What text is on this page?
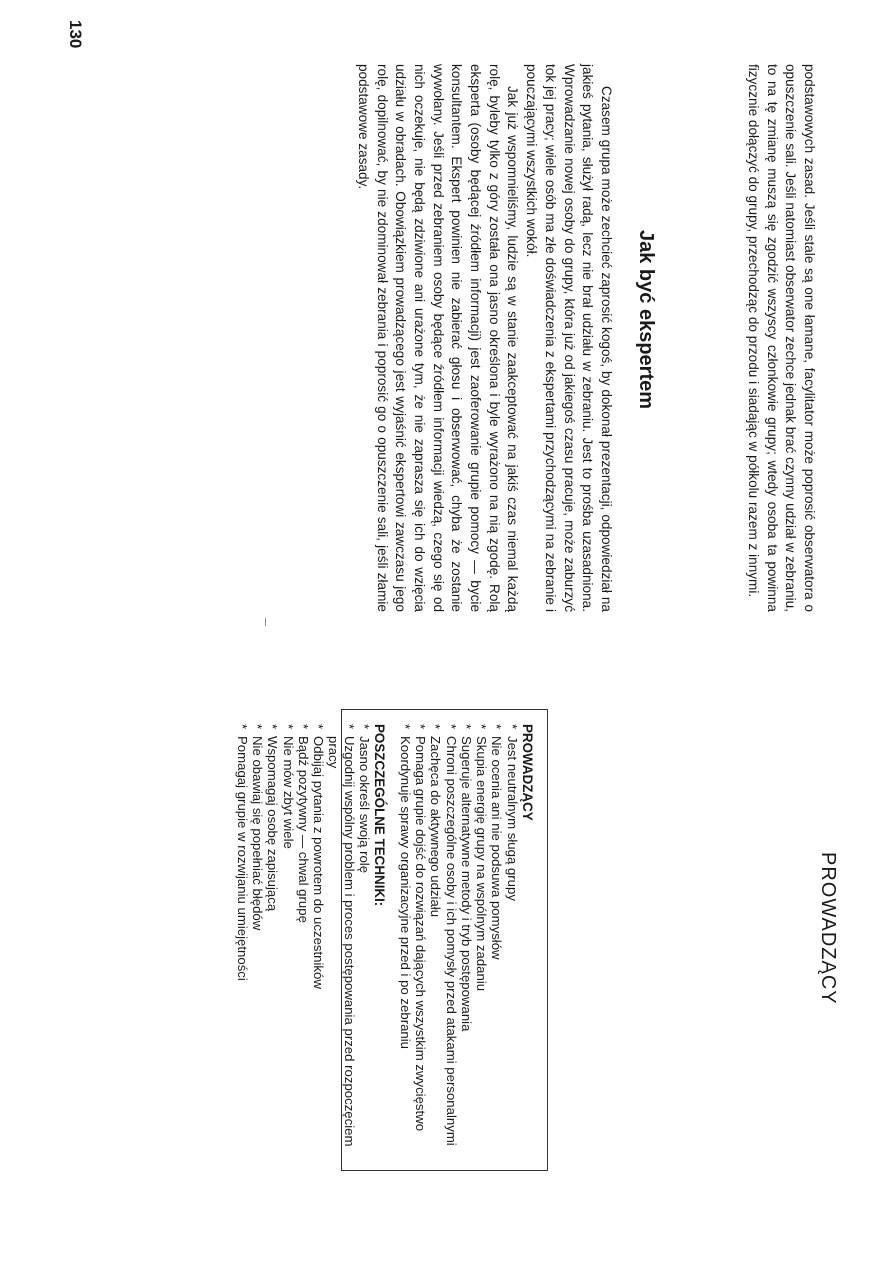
130

podstawowych zasad. Jeśli stale są one łamane, facylitator może poprosić obserwatora o opuszczenie sali. Jeśli natomiast obserwator zechce jednak brać czynny udział w zebraniu, to na tę zmianę muszą się zgodzić wszyscy członkowie grupy; wtedy osoba ta powinna fizycznie dołączyć do grupy, przechodząc do przodu i siadając w półkolu razem z innymi.

Jak być ekspertem

Czasem grupa może zechcieć zaprosić kogoś, by dokonał prezentacji, odpowiedział na jakieś pytania, służył radą, lecz nie brał udziału w zebraniu. Jest to prośba uzasadniona. Wprowadzanie nowej osoby do grupy, która już od jakiegoś czasu pracuje, może zaburzyć tok jej pracy; wiele osób ma złe doświadczenia z ekspertami przychodzącymi na zebranie i pouczającymi wszystkich wokół.

Jak już wspomnieliśmy, ludzie są w stanie zaakceptować na jakiś czas niemal każdą rolę, byleby tylko z góry została ona jasno określona i byle wyrażono na nią zgodę. Rolą eksperta (osoby będącej źródłem informacji) jest zaoferowanie grupie pomocy — bycie konsultantem. Ekspert powinien nie zabierać głosu i obserwować, chyba że zostanie wywołany. Jeśli przed zebraniem osoby będące źródłem informacji wiedzą, czego się od nich oczekuje, nie będą zdziwione ani urażone tym, że nie zaprasza się ich do wzięcia udziału w obradach. Obowiązkiem prowadzącego jest wyjaśnić ekspertowi zawczasu jego rolę, dopilnować, by nie zdominował zebrania i poprosić go o opuszczenie sali, jeśli złamie podstawowe zasady.

PROWADZĄCY
PROWADZĄCY
* Jest neutralnym sługą grupy
* Nie ocenia ani nie podsuwa pomysłów
* Skupia energię grupy na wspólnym zadaniu
* Sugeruje alternatywne metody i tryb postępowania
* Chroni poszczególne osoby i ich pomysły przed atakami personalnymi
* Zachęca do aktywnego udziału
* Pomaga grupie dojść do rozwiązań dających wszystkim zwycięstwo
* Koordynuje sprawy organizacyjne przed i po zebraniu
POSZCZEGÓLNE TECHNIKI:
* Jasno określ swoją rolę
* Uzgodnij wspólny problem i proces postępowania przed rozpoczęciem pracy
* Odbijaj pytania z powrotem do uczestników
* Bądź pozytywny — chwal grupę
* Nie mów zbyt wiele
* Wspomagaj osobę zapisującą
* Nie obawiaj się popełniać błędów
* Pomagaj grupie w rozwijaniu umiejętności
